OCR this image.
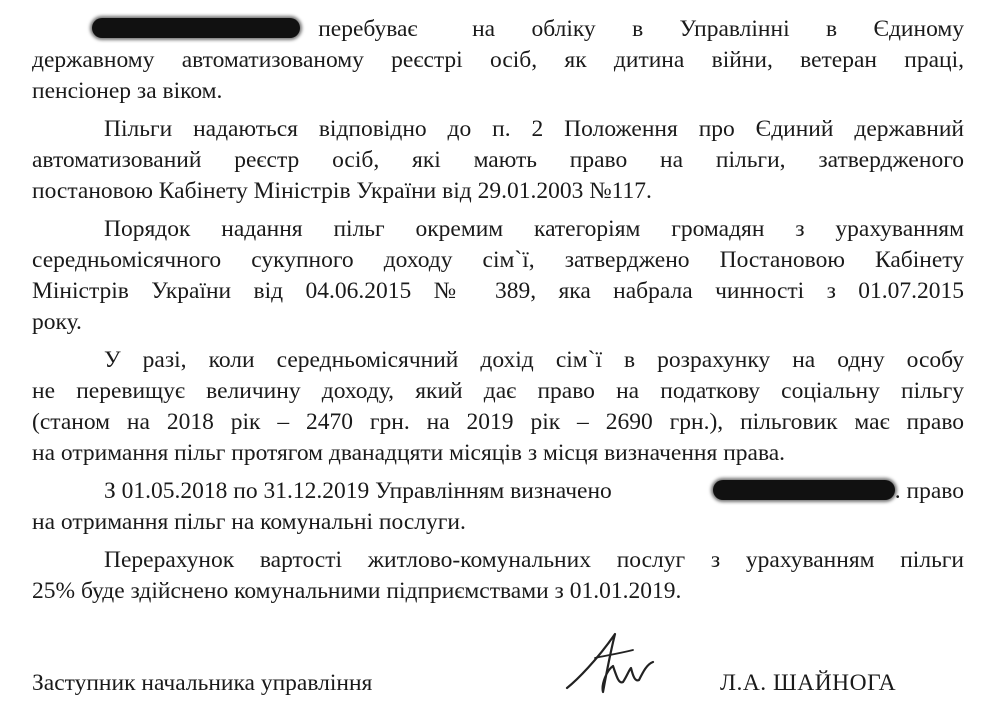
перебуває   на  обліку  в  Управлінні  в  Єдиному
державному автоматизованому реєстрі осіб, як дитина війни, ветеран праці,
пенсіонер за віком.

Пільги надаються відповідно до п. 2 Положення про Єдиний державний
автоматизований реєстр осіб, які мають право на пільги, затвердженого
постановою Кабінету Міністрів України від 29.01.2003 №117.

Порядок надання пільг окремим категоріям громадян з урахуванням
середньомісячного сукупного доходу сім`ї, затверджено Постановою Кабінету
Міністрів України від 04.06.2015 № 389, яка набрала чинності з 01.07.2015
року.

У разі, коли середньомісячний дохід сім`ї в розрахунку на одну особу
не перевищує величину доходу, який дає право на податкову соціальну пільгу
(станом на 2018 рік – 2470 грн. на 2019 рік – 2690 грн.), пільговик має право
на отримання пільг протягом дванадцяти місяців з місця визначення права.

З 01.05.2018 по 31.12.2019 Управлінням визначено	. право
на отримання пільг на комунальні послуги.

Перерахунок вартості житлово-комунальних послуг з урахуванням пільги
25% буде здійснено комунальними підприємствами з 01.01.2019.

Заступник начальника управління	Л.А. ШАЙНОГА
